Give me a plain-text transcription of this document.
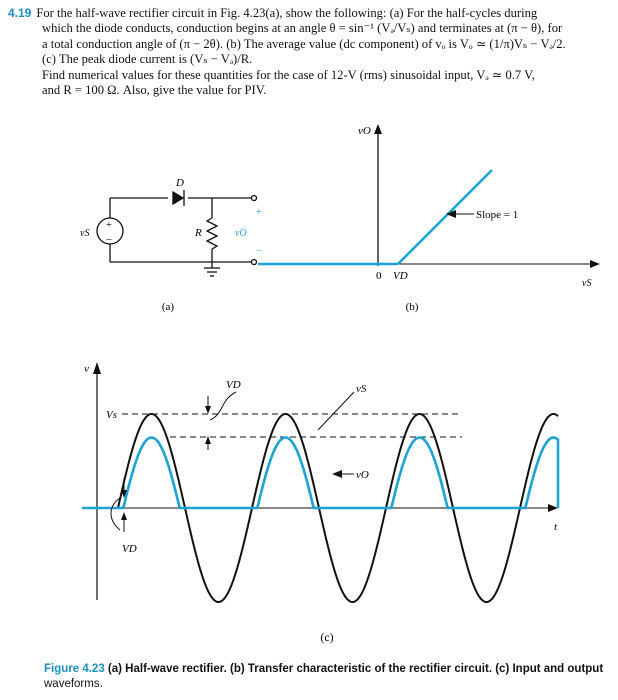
4.19 For the half-wave rectifier circuit in Fig. 4.23(a), show the following: (a) For the half-cycles during
which the diode conducts, conduction begins at an angle θ = sin⁻¹ (Vₔ/Vₛ) and terminates at (π − θ), for
a total conduction angle of (π − 2θ). (b) The average value (dc component) of vₒ is Vₒ ≃ (1/π)Vₛ − Vₔ/2.
(c) The peak diode current is (Vₛ − Vₔ)/R.
Find numerical values for these quantities for the case of 12-V (rms) sinusoidal input, Vₔ ≃ 0.7 V,
and R = 100 Ω. Also, give the value for PIV.
+
−
vS
D
R
+
vO
−
(a)
vO
vS
0 VD
Slope = 1
(b)
v
t
Vs
VD
VD
vS
vO
(c)
Figure 4.23 (a) Half-wave rectifier. (b) Transfer characteristic of the rectifier circuit. (c) Input and output
waveforms.
